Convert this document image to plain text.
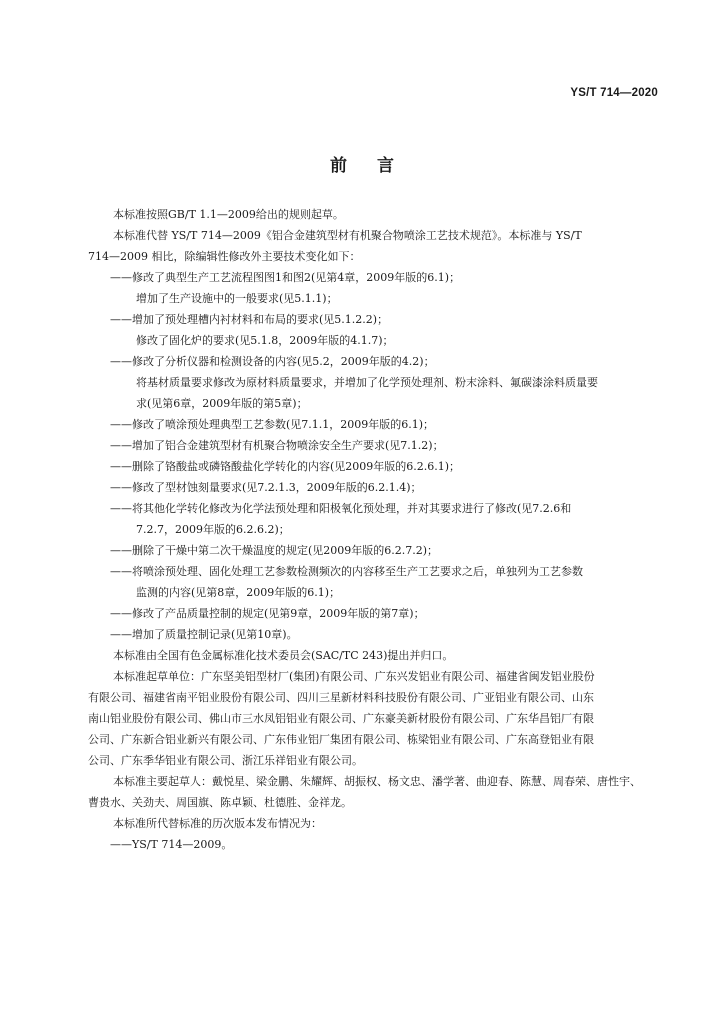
YS/T 714—2020
前言
本标准按照GB/T 1.1—2009给出的规则起草。
本标准代替 YS/T 714—2009《铝合金建筑型材有机聚合物喷涂工艺技术规范》。本标准与 YS/T
714—2009 相比，除编辑性修改外主要技术变化如下：
——修改了典型生产工艺流程图图1和图2(见第4章，2009年版的6.1)；
增加了生产设施中的一般要求(见5.1.1)；
——增加了预处理槽内衬材料和布局的要求(见5.1.2.2)；
修改了固化炉的要求(见5.1.8，2009年版的4.1.7)；
——修改了分析仪器和检测设备的内容(见5.2，2009年版的4.2)；
将基材质量要求修改为原材料质量要求，并增加了化学预处理剂、粉末涂料、氟碳漆涂料质量要
求(见第6章，2009年版的第5章)；
——修改了喷涂预处理典型工艺参数(见7.1.1，2009年版的6.1)；
——增加了铝合金建筑型材有机聚合物喷涂安全生产要求(见7.1.2)；
——删除了铬酸盐或磷铬酸盐化学转化的内容(见2009年版的6.2.6.1)；
——修改了型材蚀刻量要求(见7.2.1.3，2009年版的6.2.1.4)；
——将其他化学转化修改为化学法预处理和阳极氧化预处理，并对其要求进行了修改(见7.2.6和
7.2.7，2009年版的6.2.6.2)；
——删除了干燥中第二次干燥温度的规定(见2009年版的6.2.7.2)；
——将喷涂预处理、固化处理工艺参数检测频次的内容移至生产工艺要求之后，单独列为工艺参数
监测的内容(见第8章，2009年版的6.1)；
——修改了产品质量控制的规定(见第9章，2009年版的第7章)；
——增加了质量控制记录(见第10章)。
本标准由全国有色金属标准化技术委员会(SAC/TC 243)提出并归口。
本标准起草单位：广东坚美铝型材厂(集团)有限公司、广东兴发铝业有限公司、福建省闽发铝业股份
有限公司、福建省南平铝业股份有限公司、四川三星新材料科技股份有限公司、广亚铝业有限公司、山东
南山铝业股份有限公司、佛山市三水凤铝铝业有限公司、广东豪美新材股份有限公司、广东华昌铝厂有限
公司、广东新合铝业新兴有限公司、广东伟业铝厂集团有限公司、栋梁铝业有限公司、广东高登铝业有限
公司、广东季华铝业有限公司、浙江乐祥铝业有限公司。
本标准主要起草人：戴悦星、梁金鹏、朱耀辉、胡振权、杨文忠、潘学著、曲迎春、陈慧、周春荣、唐性宇、
曹贵水、关劲夫、周国旗、陈卓颖、杜德胜、金祥龙。
本标准所代替标准的历次版本发布情况为：
——YS/T 714—2009。
